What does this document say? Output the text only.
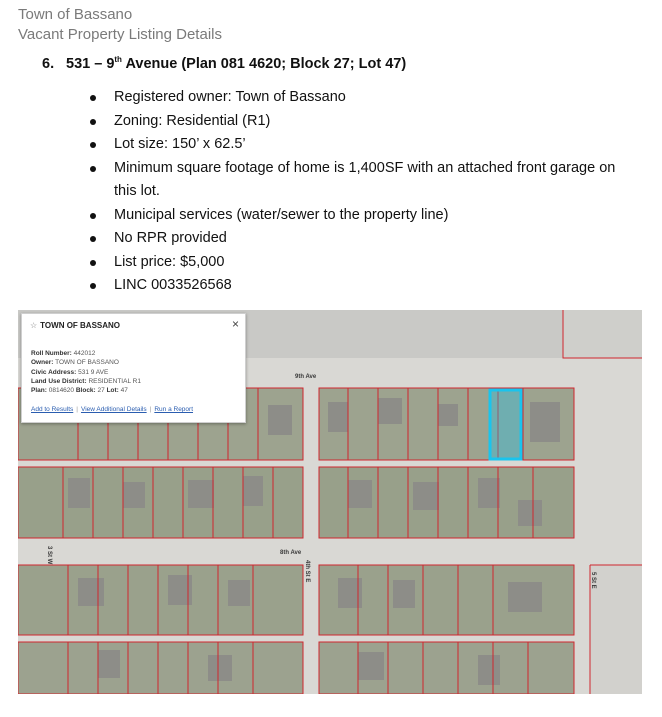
Town of Bassano
Vacant Property Listing Details
6. 531 – 9th Avenue (Plan 081 4620; Block 27; Lot 47)
Registered owner: Town of Bassano
Zoning: Residential (R1)
Lot size: 150’ x 62.5’
Minimum square footage of home is 1,400SF with an attached front garage on this lot.
Municipal services (water/sewer to the property line)
No RPR provided
List price: $5,000
LINC 0033526568
9th Ave
8th Ave
3 St W
4th St E	5 St E
☆ TOWN OF BASSANO	×
Roll Number: 442012
Owner: TOWN OF BASSANO
Civic Address: 531 9 AVE
Land Use District: RESIDENTIAL R1
Plan: 0814620 Block: 27 Lot: 47
Add to Results | View Additional Details | Run a Report
